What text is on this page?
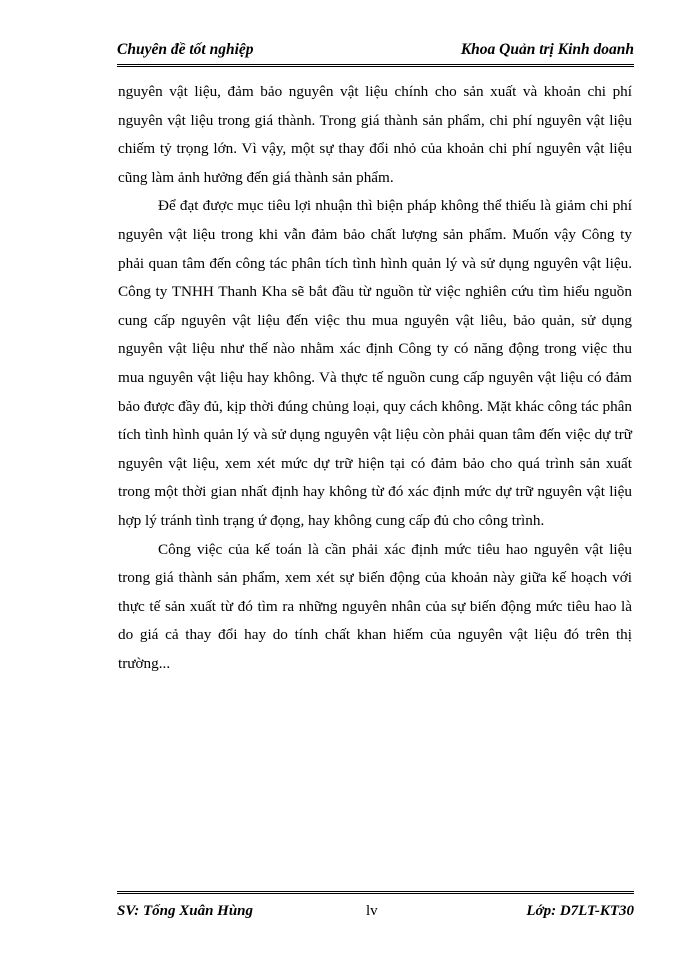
Chuyên đề tốt nghiệp	Khoa Quản trị Kinh doanh

nguyên vật liệu, đảm bảo nguyên vật liệu chính cho sản xuất và khoản chi phí nguyên vật liệu trong giá thành. Trong giá thành sản phẩm, chi phí nguyên vật liệu chiếm tỷ trọng lớn. Vì vậy, một sự thay đổi nhỏ của khoản chi phí nguyên vật liệu cũng làm ảnh hưởng đến giá thành sản phẩm.

Để đạt được mục tiêu lợi nhuận thì biện pháp không thể thiếu là giảm chi phí nguyên vật liệu trong khi vẫn đảm bảo chất lượng sản phẩm. Muốn vậy Công ty phải quan tâm đến công tác phân tích tình hình quản lý và sử dụng nguyên vật liệu. Công ty TNHH Thanh Kha sẽ bắt đầu từ nguồn từ việc nghiên cứu tìm hiểu nguồn cung cấp nguyên vật liệu đến việc thu mua nguyên vật liêu, bảo quản, sử dụng nguyên vật liệu như thế nào nhằm xác định Công ty có năng động trong việc thu mua nguyên vật liệu hay không. Và thực tế nguồn cung cấp nguyên vật liệu có đảm bảo được đầy đủ, kịp thời đúng chủng loại, quy cách không. Mặt khác công tác phân tích tình hình quản lý và sử dụng nguyên vật liệu còn phải quan tâm đến việc dự trữ nguyên vật liệu, xem xét mức dự trữ hiện tại có đảm bảo cho quá trình sản xuất trong một thời gian nhất định hay không từ đó xác định mức dự trữ nguyên vật liệu hợp lý tránh tình trạng ứ đọng, hay không cung cấp đủ cho công trình.

Công việc của kế toán là cần phải xác định mức tiêu hao nguyên vật liệu trong giá thành sản phẩm, xem xét sự biến động của khoản này giữa kế hoạch với thực tế sản xuất từ đó tìm ra những nguyên nhân của sự biến động mức tiêu hao là do giá cả thay đổi hay do tính chất khan hiếm của nguyên vật liệu đó trên thị trường...

SV: Tống Xuân Hùng	lv	Lớp: D7LT-KT30
